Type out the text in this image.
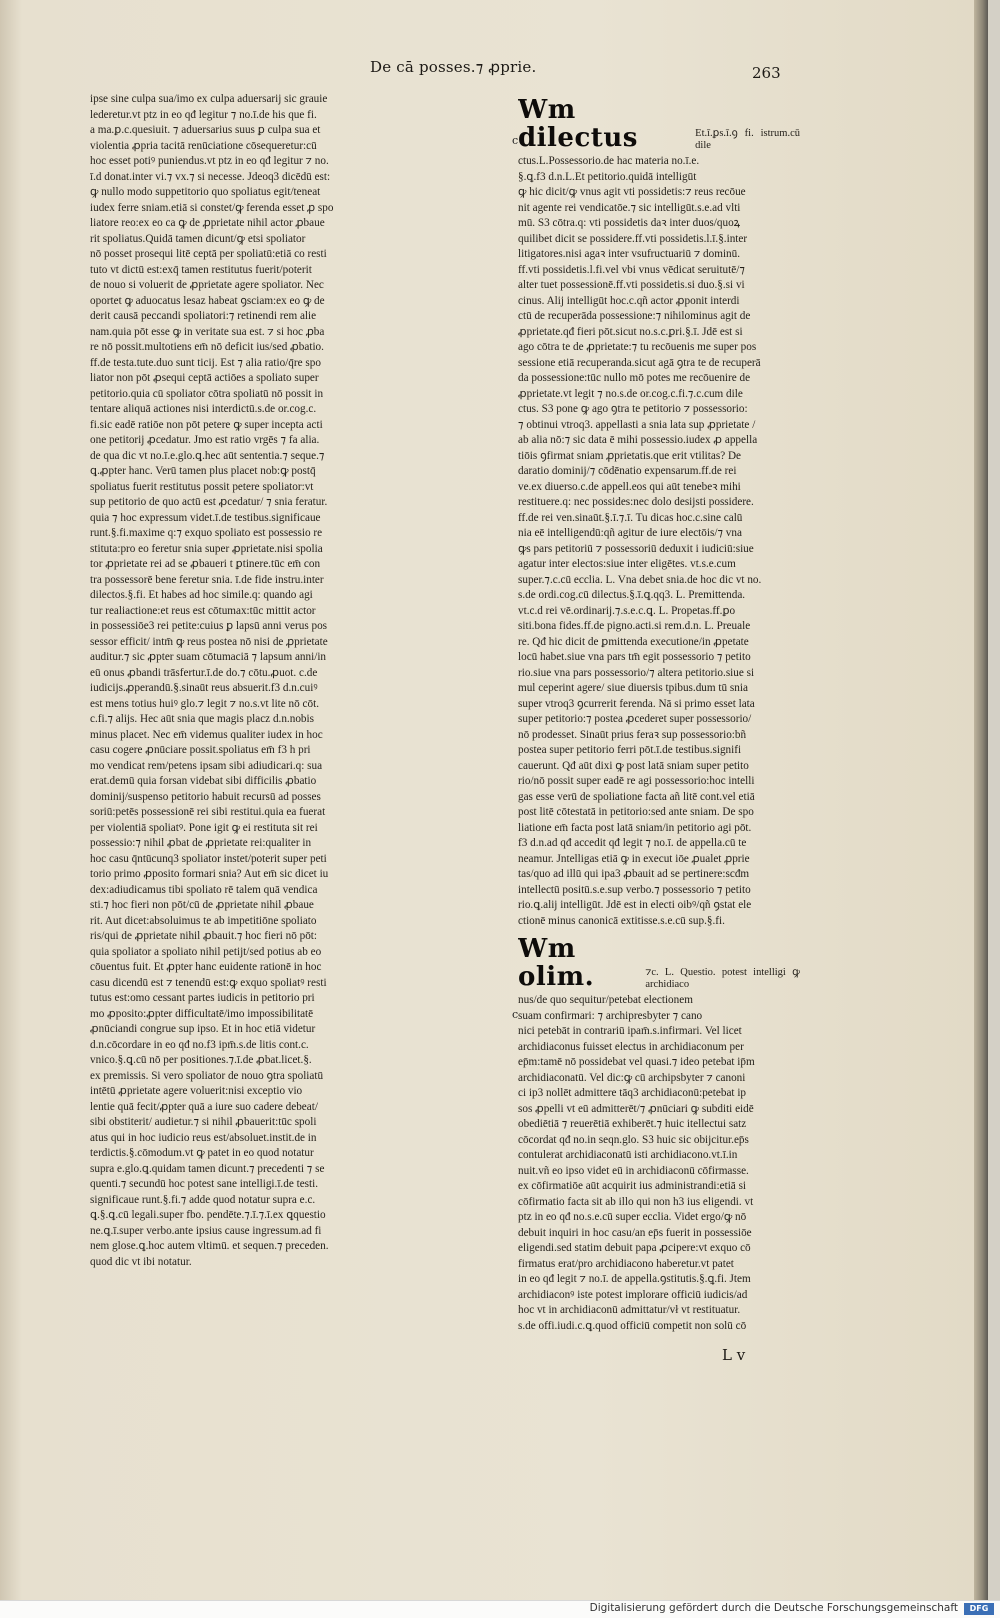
De cā posses.⁊ ꝓprie.	263
ipse sine culpa sua/imo ex culpa aduersarij sic grauie
lederetur.vt ptz in eo qđ legitur ⁊ no.ī.de his que fi.
a ma.ꝑ.c.quesiuit. ⁊ aduersarius suus ꝑ culpa sua et
violentia ꝓpria tacitā renūciatione cōsequeretur:cū
hoc esset potiꝰ puniendus.vt ptz in eo qđ legitur ⁊ no.
ī.d donat.inter vi.⁊ vx.⁊ si necesse. Jdeoq3 dicēdū est:
ꝙ nullo modo suppetitorio quo spoliatus egit/teneat
iudex ferre sniam.etiā si constet/ꝙ ferenda esset ꝓ spo
liatore reo:ex eo ca ꝙ de ꝓprietate nihil actor ꝓbaue
rit spoliatus.Quidā tamen dicunt/ꝙ etsi spoliator
nō posset prosequi litē ceptā per spoliatū:etiā co resti
tuto vt dictū est:exq̄ tamen restitutus fuerit/poterit
de nouo si voluerit de ꝓprietate agere spoliator. Nec
oportet ꝙ aduocatus lesaz habeat ꝯsciam:ex eo ꝙ de
derit causā peccandi spoliatori:⁊ retinendi rem alie
nam.quia pōt esse ꝙ in veritate sua est. ⁊ si hoc ꝓba
re nō possit.multotiens em̄ nō deficit ius/sed ꝓbatio.
ff.de testa.tute.duo sunt ticij. Est ⁊ alia ratio/q̄re spo
liator non pōt ꝓsequi ceptā actiōes a spoliato super
petitorio.quia cū spoliator cōtra spoliatū nō possit in
tentare aliquā actiones nisi interdictū.s.de or.cog.c.
fi.sic eadē ratiōe non pōt petere ꝙ super incepta acti
one petitorij ꝓcedatur. Jmo est ratio vrgēs ⁊ fa alia.
de qua dic vt no.ī.e.glo.ꝗ.hec aūt sententia.⁊ seque.⁊
ꝗ.ꝓpter hanc. Verū tamen plus placet nob:ꝙ postq̄
spoliatus fuerit restitutus possit petere spoliator:vt
sup petitorio de quo actū est ꝓcedatur/ ⁊ snia feratur.
quia ⁊ hoc expressum videt.ī.de testibus.significaue
runt.§.fi.maxime q:⁊ exquo spoliato est possessio re
stituta:pro eo feretur snia super ꝓprietate.nisi spolia
tor ꝓprietate rei ad se ꝓbaueri t ꝑtinere.tūc em̄ con
tra possessorē bene feretur snia. ī.de fide instru.inter
dilectos.§.fi. Et habes ad hoc simile.q: quando agi
tur realiactione:et reus est cōtumax:tūc mittit actor
in possessiōe3 rei petite:cuius ꝑ lapsū anni verus pos
sessor efficit/ intm̄ ꝙ reus postea nō nisi de ꝓprietate
auditur.⁊ sic ꝓpter suam cōtumaciā ⁊ lapsum anni/in
eū onus ꝓbandi trāsfertur.ī.de do.⁊ cōtu.ꝓuot. c.de
iudicijs.ꝓperandū.§.sinaūt reus absuerit.f3 d.n.cuiꝰ
est mens totius huiꝰ glo.⁊ legit ⁊ no.s.vt lite nō cōt.
c.fi.⁊ alijs. Hec aūt snia que magis placz d.n.nobis
minus placet. Nec em̄ videmus qualiter iudex in hoc
casu cogere ꝓnūciare possit.spoliatus em̄ f3 h pri
mo vendicat rem/petens ipsam sibi adiudicari.q: sua
erat.demū quia forsan videbat sibi difficilis ꝓbatio
dominij/suspenso petitorio habuit recursū ad posses
soriū:petēs possessionē rei sibi restitui.quia ea fuerat
per violentiā spoliatꝰ. Pone igit ꝙ ei restituta sit rei
possessio:⁊ nihil ꝓbat de ꝓprietate rei:qualiter in
hoc casu q̄ntūcunq3 spoliator instet/poterit super peti
torio primo ꝓposito formari snia? Aut em̄ sic dicet iu
dex:adiudicamus tibi spoliato rē talem quā vendica
sti.⁊ hoc fieri non pōt/cū de ꝓprietate nihil ꝓbaue
rit. Aut dicet:absoluimus te ab impetitiōne spoliato
ris/qui de ꝓprietate nihil ꝓbauit.⁊ hoc fieri nō pōt:
quia spoliator a spoliato nihil petijt/sed potius ab eo
cōuentus fuit. Et ꝓpter hanc euidente rationē in hoc
casu dicendū est ⁊ tenendū est:ꝙ exquo spoliatꝰ resti
tutus est:omo cessant partes iudicis in petitorio pri
mo ꝓposito:ꝓpter difficultatē/imo impossibilitatē
ꝓnūciandi congrue sup ipso. Et in hoc etiā videtur
d.n.cōcordare in eo qđ no.f3 ipm̄.s.de litis cont.c.
vnico.§.ꝗ.cū nō per positiones.⁊.ī.de ꝓbat.licet.§.
ex premissis. Si vero spoliator de nouo ꝯtra spoliatū
intētū ꝓprietate agere voluerit:nisi exceptio vio
lentie quā fecit/ꝓpter quā a iure suo cadere debeat/
sibi obstiterit/ audietur.⁊ si nihil ꝓbauerit:tūc spoli
atus qui in hoc iudicio reus est/absoluet.instit.de in
terdictis.§.cōmodum.vt ꝙ patet in eo quod notatur
supra e.glo.ꝗ.quidam tamen dicunt.⁊ precedenti ⁊ se
quenti.⁊ secundū hoc potest sane intelligi.ī.de testi.
significaue runt.§.fi.⁊ adde quod notatur supra e.c.
ꝗ.§.ꝗ.cū legali.super fbo. pendēte.⁊.ī.⁊.ī.ex ꝗquestio
ne.ꝗ.ī.super verbo.ante ipsius cause ingressum.ad fi
nem glose.ꝗ.hoc autem vltimū. et sequen.⁊ preceden.
quod dic vt ibi notatur.
Wm dilectus	Et.ī.ꝑs.ī.ꝯ fi. istrum.cū dile
ctus.L.Possessorio.de hac materia no.ī.e.
§.ꝗ.f3 d.n.L.Et petitorio.quidā intelligūt
ꝙ hic dicit/ꝙ vnus agit vti possidetis:⁊ reus recōue
nit agente rei vendicatōe.⁊ sic intelligūt.s.e.ad vlti
mū. S3 cōtra.q: vti possidetis daꝛ inter duos/quoꝝ
quilibet dicit se possidere.ff.vti possidetis.l.ī.§.inter
litigatores.nisi agaꝛ inter vsufructuariū ⁊ dominū.
ff.vti possidetis.l.fi.vel vbi vnus vēdicat seruitutē/⁊
alter tuet possessionē.ff.vti possidetis.si duo.§.si vi
cinus. Alij intelligūt hoc.c.qñ actor ꝓponit interdi
ctū de recuperāda possessione:⁊ nihilominus agit de
ꝓprietate.qđ fieri pōt.sicut no.s.c.ꝑri.§.ī. Jdē est si
ago cōtra te de ꝓprietate:⁊ tu recōuenis me super pos
sessione etiā recuperanda.sicut agā ꝯtra te de recuperā
da possessione:tūc nullo mō potes me recōuenire de
ꝓprietate.vt legit ⁊ no.s.de or.cog.c.fi.⁊.c.cum dile
ctus. S3 pone ꝙ ago ꝯtra te petitorio ⁊ possessorio:
⁊ obtinui vtroq3. appellasti a snia lata sup ꝓprietate /
ab alia nō:⁊ sic data ē mihi possessio.iudex ꝓ appella
tiōis ꝯfirmat sniam ꝓprietatis.que erit vtilitas? De
daratio dominij/⁊ cōdēnatio expensarum.ff.de rei
ve.ex diuerso.c.de appell.eos qui aūt tenebeꝛ mihi
restituere.q: nec possides:nec dolo desijsti possidere.
ff.de rei ven.sinaūt.§.ī.⁊.ī. Tu dicas hoc.c.sine calū
nia eē intelligendū:qñ agitur de iure electōis/⁊ vna
ꝙs pars petitoriū ⁊ possessoriū deduxit i iudiciū:siue
agatur inter electos:siue inter eligētes. vt.s.e.cum
super.⁊.c.cū ecclia. L. Vna debet snia.de hoc dic vt no.
s.de ordi.cog.cū dilectus.§.ī.ꝗ.qq3. L. Premittenda.
vt.c.d rei vē.ordinarij.⁊.s.e.c.ꝗ. L. Propetas.ff.ꝑo
siti.bona fides.ff.de pigno.acti.si rem.d.n. L. Preuale
re. Qđ hic dicit de ꝑmittenda executione/in ꝓpetate
locū habet.siue vna pars tm̄ egit possessorio ⁊ petito
rio.siue vna pars possessorio/⁊ altera petitorio.siue si
mul ceperint agere/ siue diuersis tpibus.dum tū snia
super vtroq3 ꝯcurrerit ferenda. Nā si primo esset lata
super petitorio:⁊ postea ꝓcederet super possessorio/
nō prodesset. Sinaūt prius feraꝛ sup possessorio:bñ
postea super petitorio ferri pōt.ī.de testibus.signifi
cauerunt. Qđ aūt dixi ꝙ post latā sniam super petito
rio/nō possit super eadē re agi possessorio:hoc intelli
gas esse verū de spoliatione facta añ litē cont.vel etiā
post litē cōtestatā in petitorio:sed ante sniam. De spo
liatione em̄ facta post latā sniam/in petitorio agi pōt.
f3 d.n.ad qđ accedit qđ legit ⁊ no.ī. de appella.cū te
neamur. Jntelligas etiā ꝙ in execut iōe ꝓualet ꝓprie
tas/quo ad illū qui ipa3 ꝓbauit ad se pertinere:scđm
intellectū positū.s.e.sup verbo.⁊ possessorio ⁊ petito
rio.ꝗ.alij intelligūt. Jdē est in electi oibꝰ/qñ ꝯstat ele
ctionē minus canonicā extitisse.s.e.cū sup.§.fi.
Wm olim.	⁊c. L. Questio. potest intelligi ꝙ archidiaco
nus/de quo sequitur/petebat electionem
suam confirmari: ⁊ archipresbyter ⁊ cano
nici petebāt in contrariū ipam̄.s.infirmari. Vel licet
archidiaconus fuisset electus in archidiaconum per
ep̄m:tamē nō possidebat vel quasi.⁊ ideo petebat ip̄m
archidiaconatū. Vel dic:ꝙ cū archipsbyter ⁊ canoni
ci ip3 nollēt admittere tāq3 archidiaconū:petebat ip
sos ꝓpelli vt eū admitterēt/⁊ ꝓnūciari ꝙ subditi eidē
obediētiā ⁊ reuerētiā exhiberēt.⁊ huic itellectui satz
cōcordat qđ no.in seqn.glo. S3 huic sic obijcitur.ep̄s
contulerat archidiaconatū isti archidiacono.vt.ī.in
nuit.vñ eo ipso videt eū in archidiaconū cōfirmasse.
ex cōfirmatiōe aūt acquirit ius administrandi:etiā si
cōfirmatio facta sit ab illo qui non h3 ius eligendi. vt
ptz in eo qđ no.s.e.cū super ecclia. Videt ergo/ꝙ nō
debuit inquiri in hoc casu/an ep̄s fuerit in possessiōe
eligendi.sed statim debuit papa ꝓcipere:vt exquo cō
firmatus erat/pro archidiacono haberetur.vt patet
in eo qđ legit ⁊ no.ī. de appella.ꝯstitutis.§.ꝗ.fi. Jtem
archidiaconꝰ iste potest implorare officiū iudicis/ad
hoc vt in archidiaconū admittatur/vł vt restituatur.
s.de offi.iudi.c.ꝗ.quod officiū competit non solū cō
c
c
L v
Digitalisierung gefördert durch die Deutsche Forschungsgemeinschaft	DFG
